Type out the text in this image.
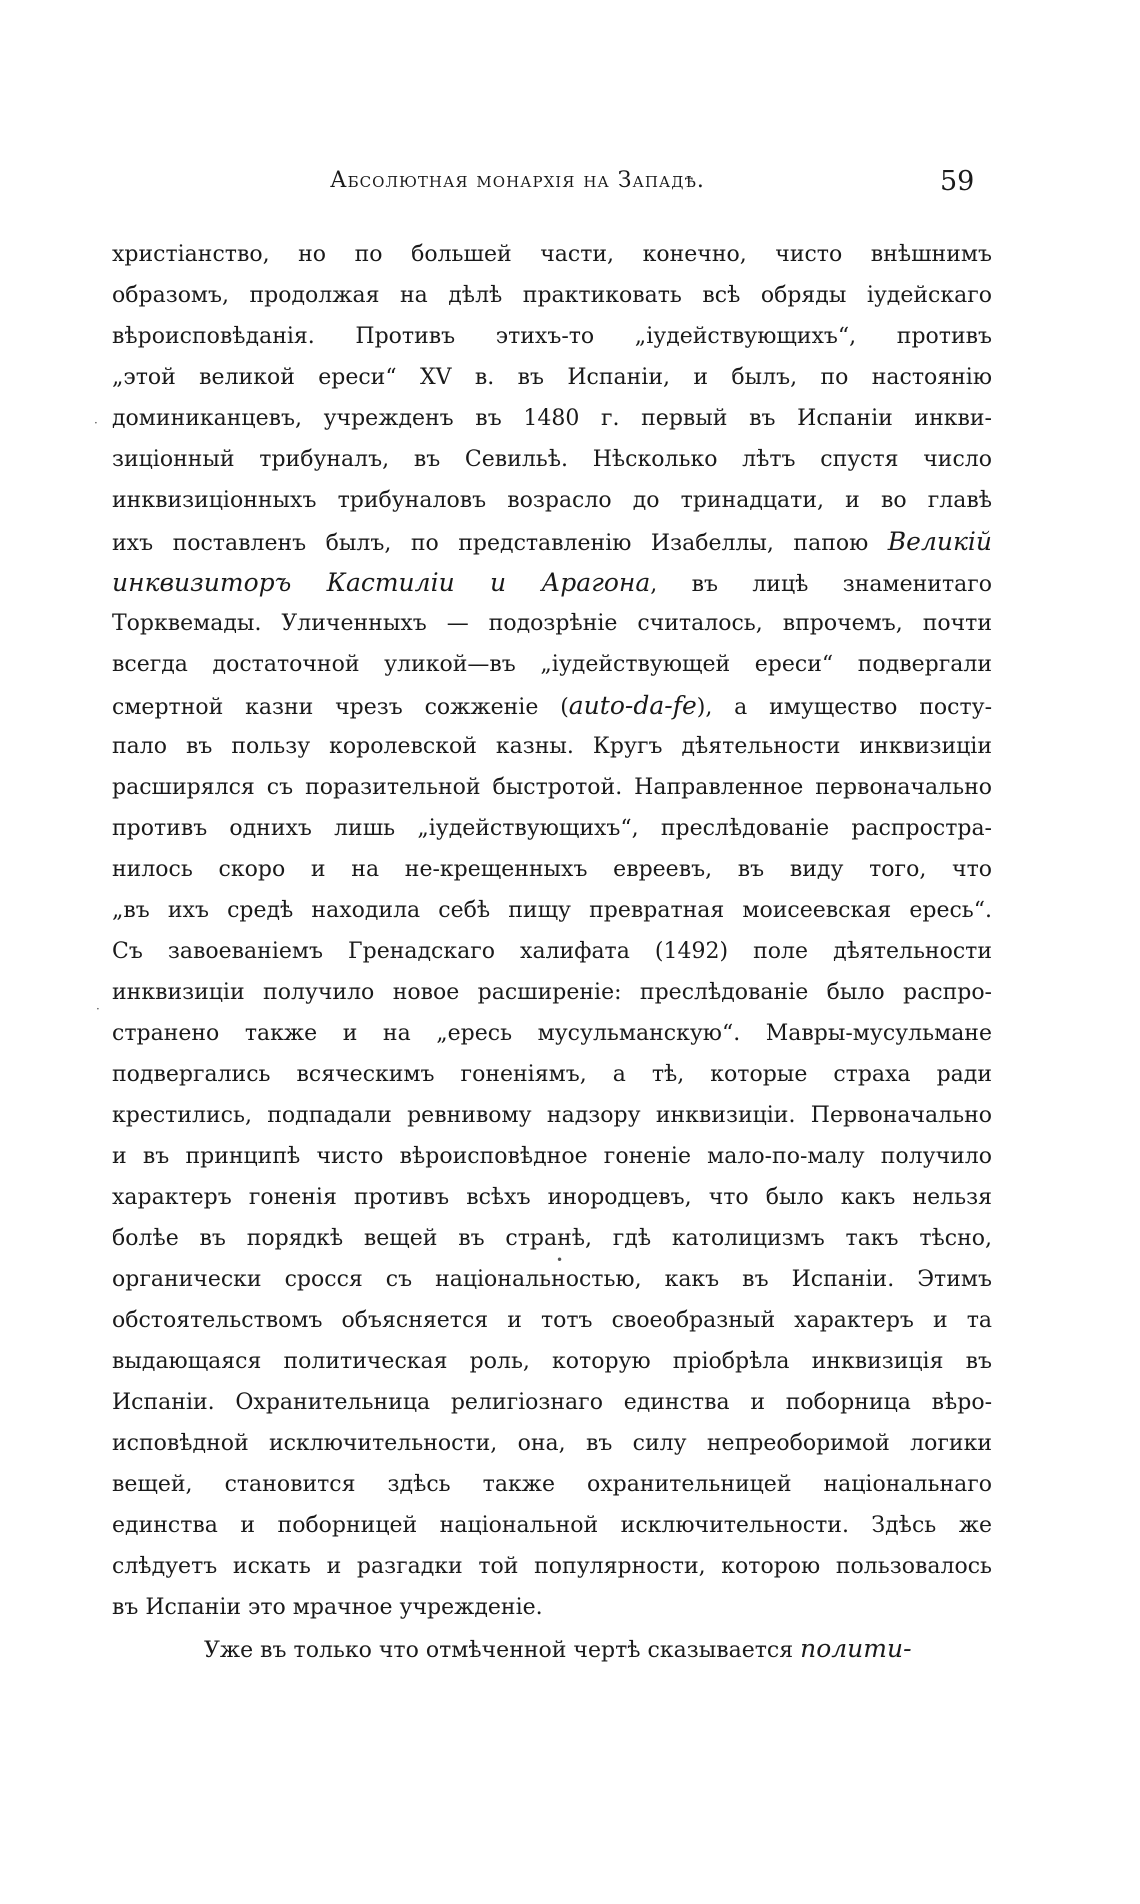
Абсолютная монархія на Западѣ.	59
христіанство, но по большей части, конечно, чисто внѣшнимъ
образомъ, продолжая на дѣлѣ практиковать всѣ обряды іудейскаго
вѣроисповѣданія. Противъ этихъ-то „іудействующихъ“, противъ
„этой великой ереси“ XV в. въ Испаніи, и былъ, по настоянію
доминиканцевъ, учрежденъ въ 1480 г. первый въ Испаніи инкви-
зиціонный трибуналъ, въ Севильѣ. Нѣсколько лѣтъ спустя число
инквизиціонныхъ трибуналовъ возрасло до тринадцати, и во главѣ
ихъ поставленъ былъ, по представленію Изабеллы, папою Великій
инквизиторъ Кастиліи и Арагона, въ лицѣ знаменитаго
Торквемады. Уличенныхъ — подозрѣніе считалось, впрочемъ, почти
всегда достаточной уликой—въ „іудействующей ереси“ подвергали
смертной казни чрезъ сожженіе (auto-da-fe), а имущество посту-
пало въ пользу королевской казны. Кругъ дѣятельности инквизиціи
расширялся съ поразительной быстротой. Направленное первоначально
противъ однихъ лишь „іудействующихъ“, преслѣдованіе распростра-
нилось скоро и на не-крещенныхъ евреевъ, въ виду того, что
„въ ихъ средѣ находила себѣ пищу превратная моисеевская ересь“.
Съ завоеваніемъ Гренадскаго халифата (1492) поле дѣятельности
инквизиціи получило новое расширеніе: преслѣдованіе было распро-
странено также и на „ересь мусульманскую“. Мавры-мусульмане
подвергались всяческимъ гоненіямъ, а тѣ, которые страха ради
крестились, подпадали ревнивому надзору инквизиціи. Первоначально
и въ принципѣ чисто вѣроисповѣдное гоненіе мало-по-малу получило
характеръ гоненія противъ всѣхъ инородцевъ, что было какъ нельзя
болѣе въ порядкѣ вещей въ странѣ, гдѣ католицизмъ такъ тѣсно,
органически сросся съ національностью, какъ въ Испаніи. Этимъ
обстоятельствомъ объясняется и тотъ своеобразный характеръ и та
выдающаяся политическая роль, которую пріобрѣла инквизиція въ
Испаніи. Охранительница религіознаго единства и поборница вѣро-
исповѣдной исключительности, она, въ силу непреоборимой логики
вещей, становится здѣсь также охранительницей національнаго
единства и поборницей національной исключительности. Здѣсь же
слѣдуетъ искать и разгадки той популярности, которою пользовалось
въ Испаніи это мрачное учрежденіе.
Уже въ только что отмѣченной чертѣ сказывается полити-
·
·
•
